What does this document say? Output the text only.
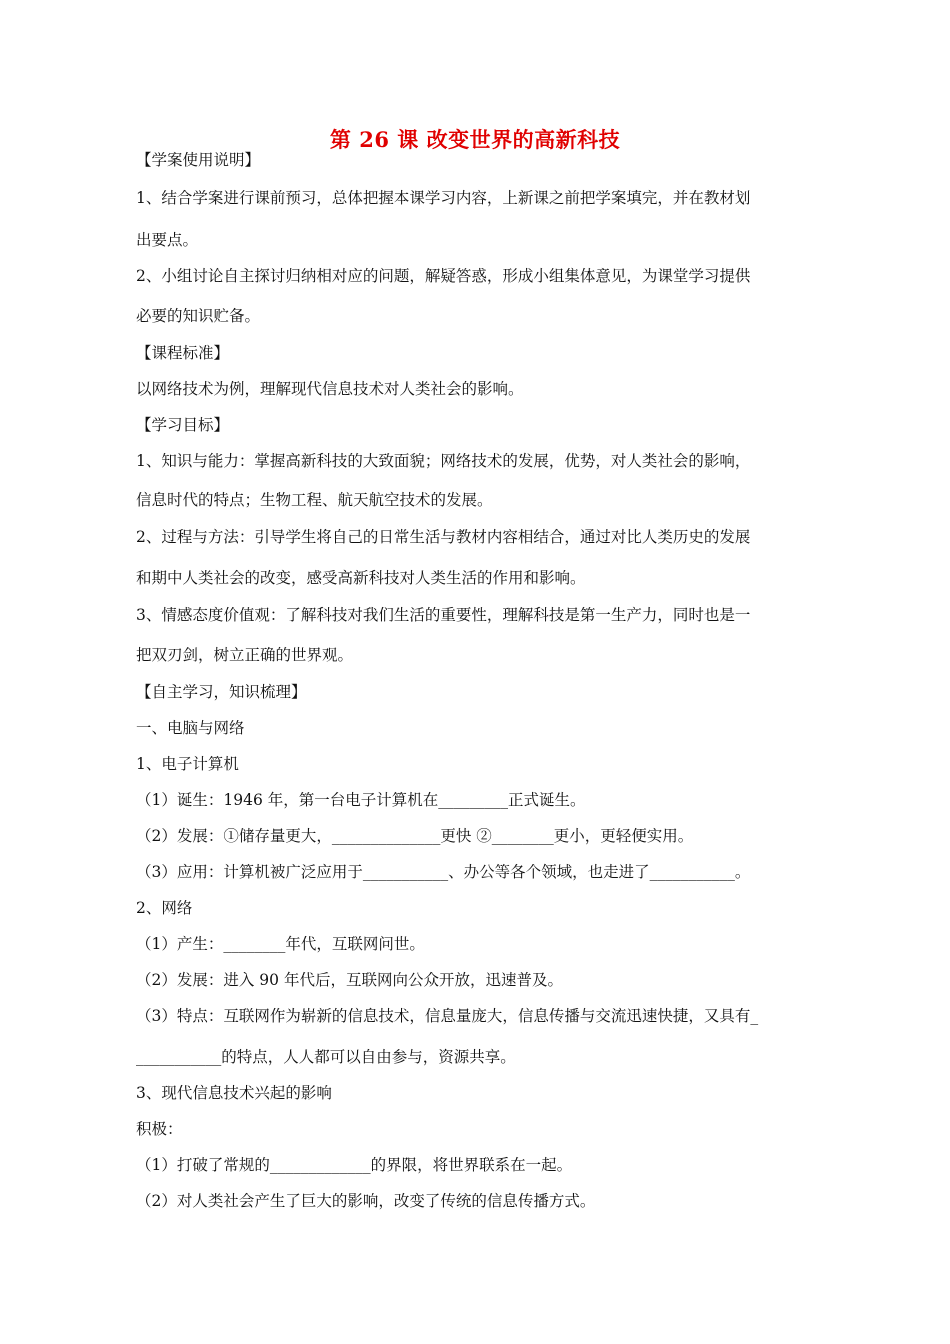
第 26 课 改变世界的高新科技
【学案使用说明】
1、结合学案进行课前预习，总体把握本课学习内容，上新课之前把学案填完，并在教材划
出要点。
2、小组讨论自主探讨归纳相对应的问题，解疑答惑，形成小组集体意见，为课堂学习提供
必要的知识贮备。
【课程标准】
以网络技术为例，理解现代信息技术对人类社会的影响。
【学习目标】
1、知识与能力：掌握高新科技的大致面貌；网络技术的发展，优势，对人类社会的影响，
信息时代的特点；生物工程、航天航空技术的发展。
2、过程与方法：引导学生将自己的日常生活与教材内容相结合，通过对比人类历史的发展
和期中人类社会的改变，感受高新科技对人类生活的作用和影响。
3、情感态度价值观：了解科技对我们生活的重要性，理解科技是第一生产力，同时也是一
把双刃剑，树立正确的世界观。
【自主学习，知识梳理】
一、电脑与网络
1、电子计算机
（1）诞生：1946 年，第一台电子计算机在_________正式诞生。
（2）发展：①储存量更大，______________更快 ②________更小，更轻便实用。
（3）应用：计算机被广泛应用于___________、办公等各个领域，也走进了___________。
2、网络
（1）产生：________年代，互联网问世。
（2）发展：进入 90 年代后，互联网向公众开放，迅速普及。
（3）特点：互联网作为崭新的信息技术，信息量庞大，信息传播与交流迅速快捷，又具有_
___________的特点，人人都可以自由参与，资源共享。
3、现代信息技术兴起的影响
积极：
（1）打破了常规的_____________的界限，将世界联系在一起。
（2）对人类社会产生了巨大的影响，改变了传统的信息传播方式。
